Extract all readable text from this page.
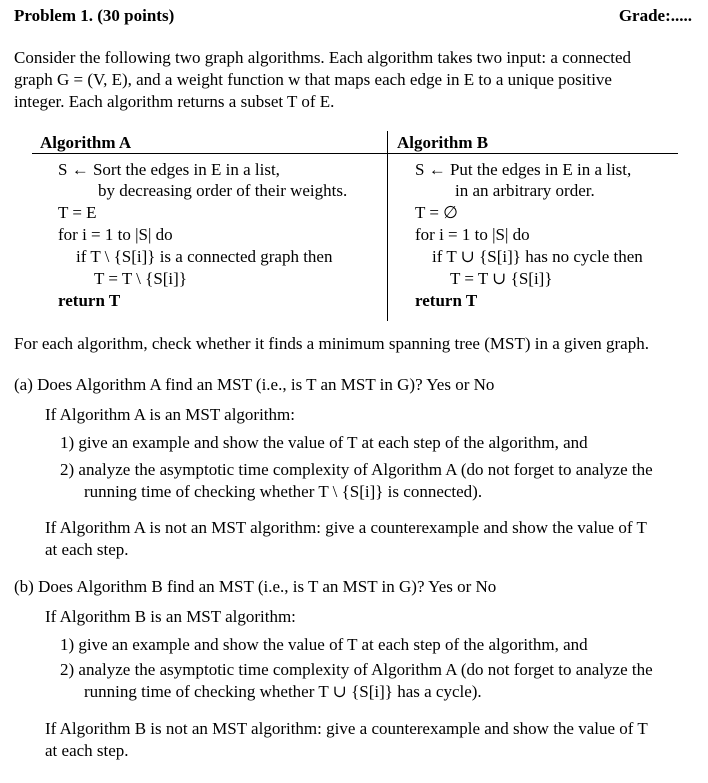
Problem 1. (30 points)	Grade:.....
Consider the following two graph algorithms. Each algorithm takes two input: a connected
graph G = (V, E), and a weight function w that maps each edge in E to a unique positive
integer. Each algorithm returns a subset T of E.
Algorithm A
S ← Sort the edges in E in a list,
by decreasing order of their weights.
T = E
for i = 1 to |S| do
if T \ {S[i]} is a connected graph then
T = T \ {S[i]}
return T
Algorithm B
S ← Put the edges in E in a list,
in an arbitrary order.
T = ∅
for i = 1 to |S| do
if T ∪ {S[i]} has no cycle then
T = T ∪ {S[i]}
return T
For each algorithm, check whether it finds a minimum spanning tree (MST) in a given graph.
(a) Does Algorithm A find an MST (i.e., is T an MST in G)? Yes or No
If Algorithm A is an MST algorithm:
1) give an example and show the value of T at each step of the algorithm, and
2) analyze the asymptotic time complexity of Algorithm A (do not forget to analyze the
running time of checking whether T \ {S[i]} is connected).
If Algorithm A is not an MST algorithm: give a counterexample and show the value of T
at each step.
(b) Does Algorithm B find an MST (i.e., is T an MST in G)? Yes or No
If Algorithm B is an MST algorithm:
1) give an example and show the value of T at each step of the algorithm, and
2) analyze the asymptotic time complexity of Algorithm A (do not forget to analyze the
running time of checking whether T ∪ {S[i]} has a cycle).
If Algorithm B is not an MST algorithm: give a counterexample and show the value of T
at each step.
